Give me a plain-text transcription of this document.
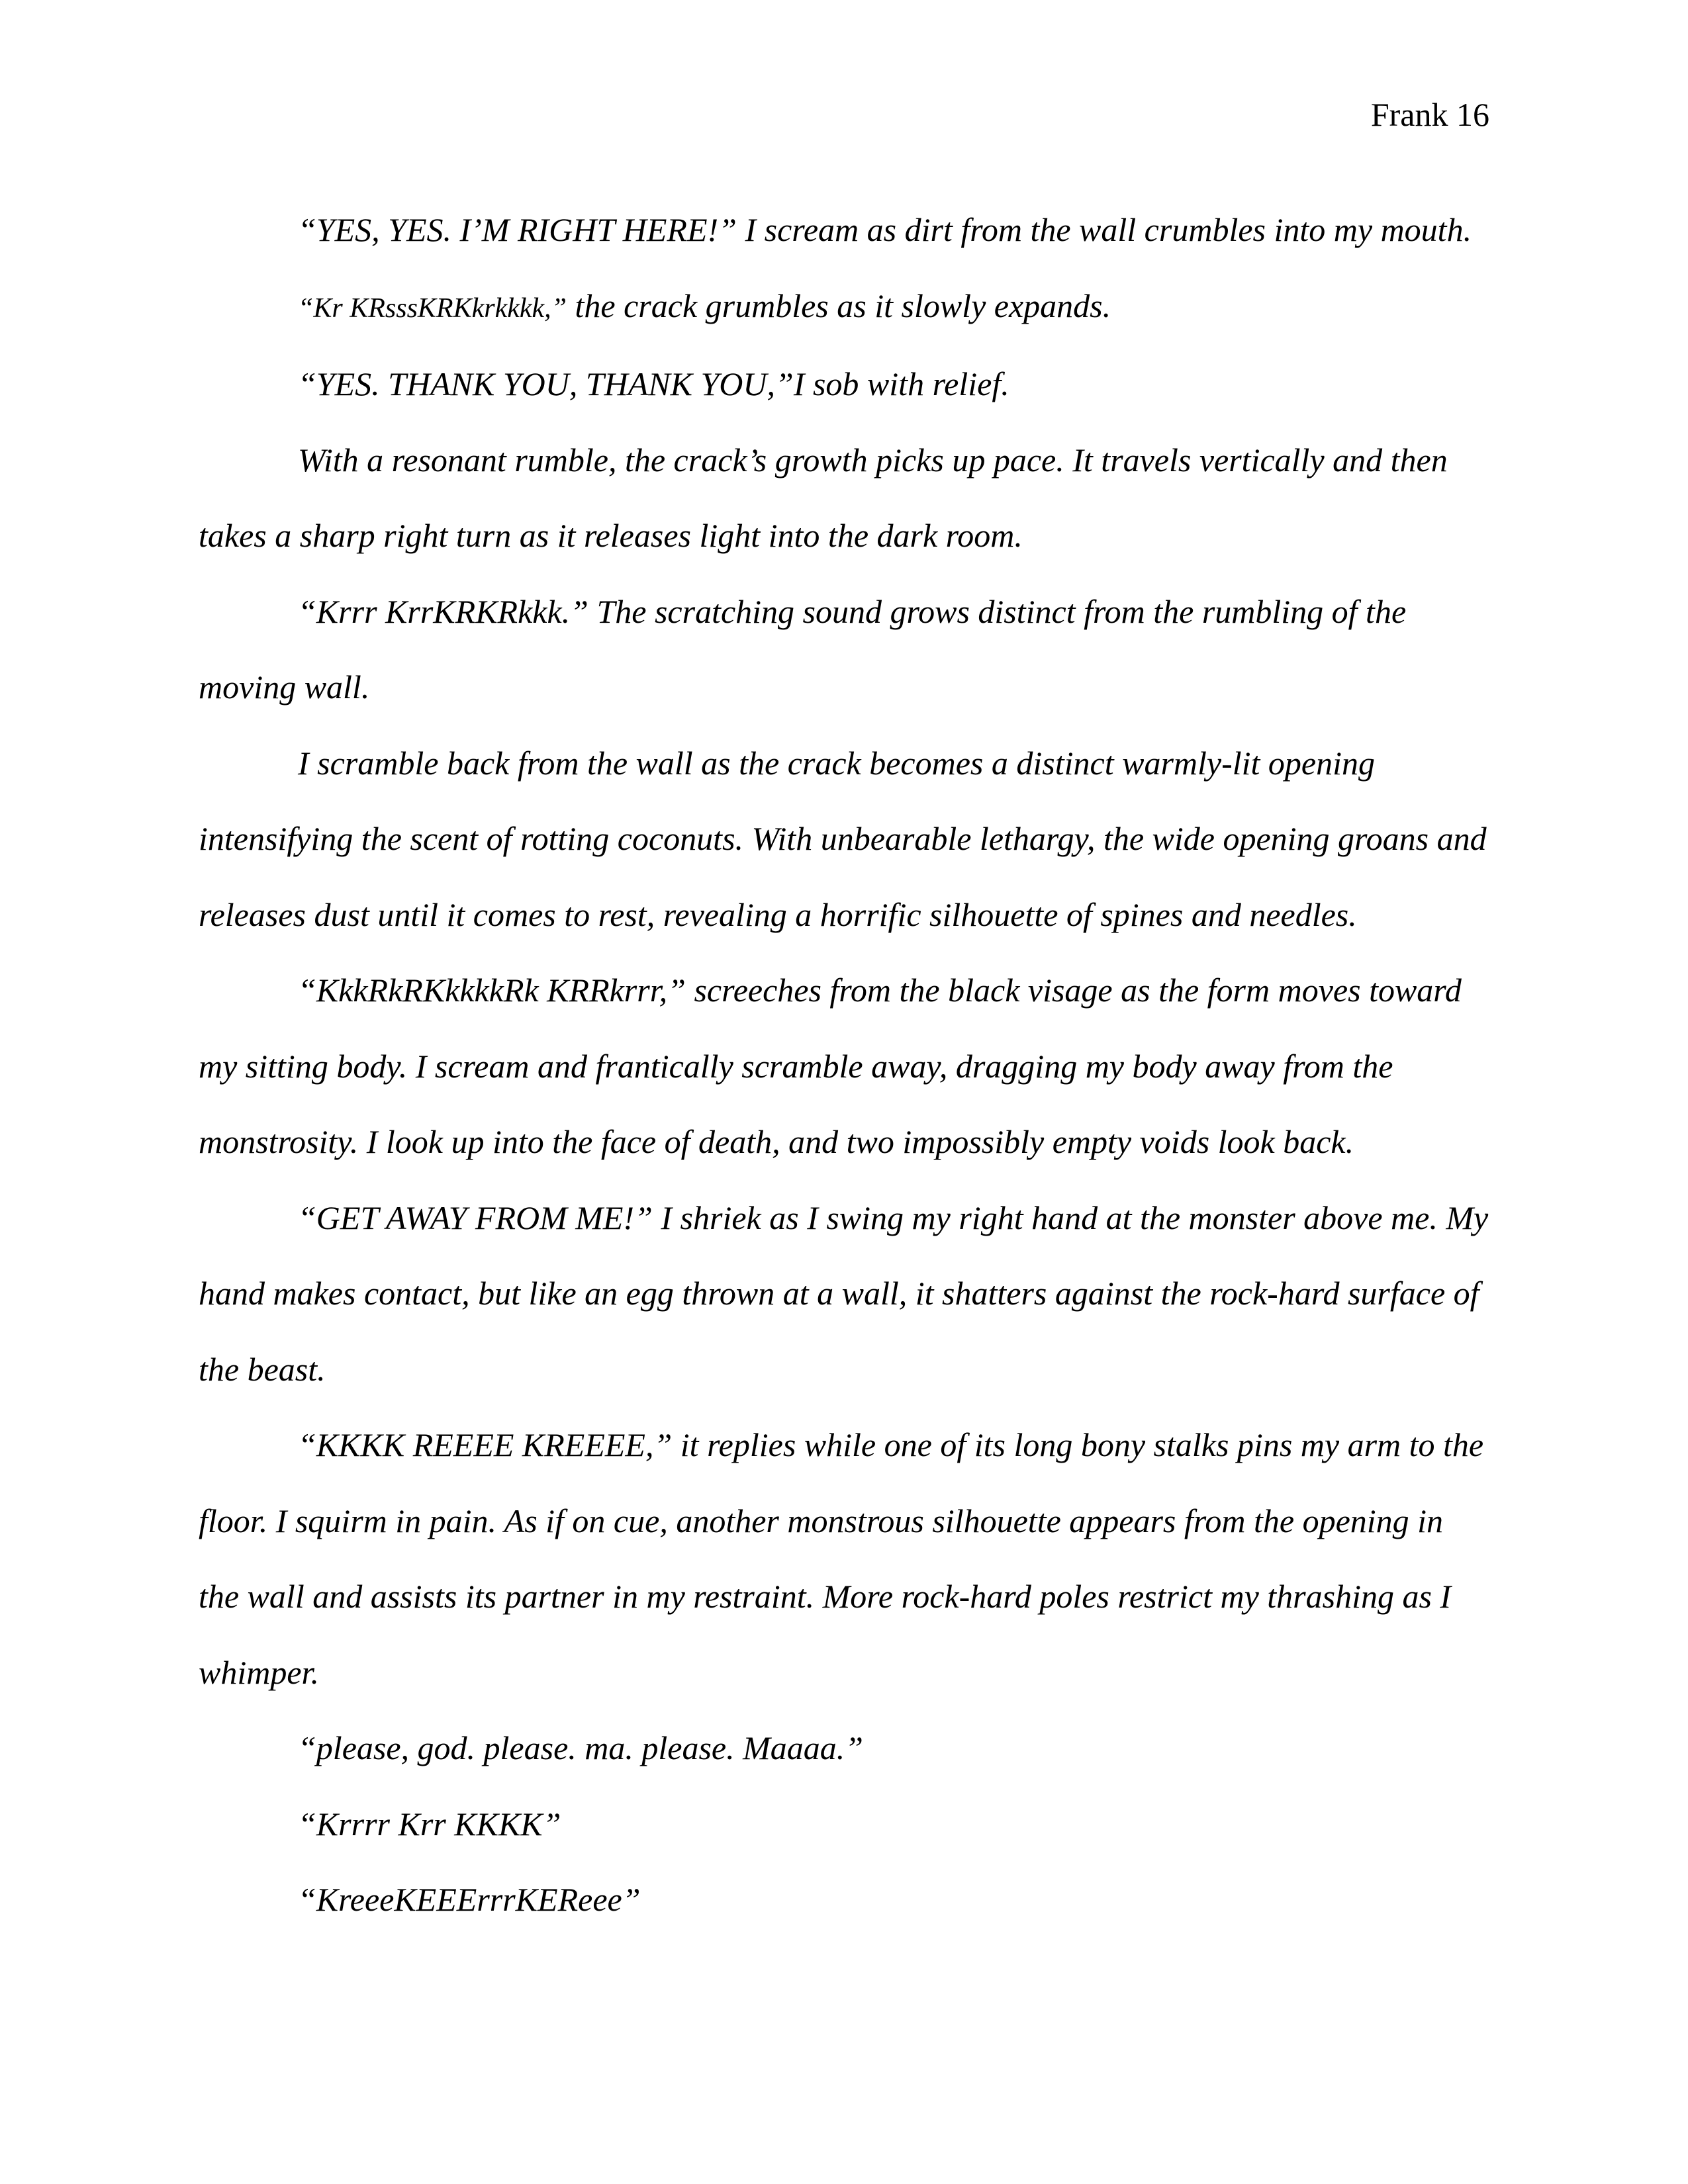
Frank 16

“YES, YES. I’M RIGHT HERE!” I scream as dirt from the wall crumbles into my mouth.

“Kr KRsssKRKkrkkkk,” the crack grumbles as it slowly expands.

“YES. THANK YOU, THANK YOU,”I sob with relief.

With a resonant rumble, the crack’s growth picks up pace. It travels vertically and then takes a sharp right turn as it releases light into the dark room.

“Krrr KrrKRKRkkk.” The scratching sound grows distinct from the rumbling of the moving wall.

I scramble back from the wall as the crack becomes a distinct warmly-lit opening intensifying the scent of rotting coconuts. With unbearable lethargy, the wide opening groans and releases dust until it comes to rest, revealing a horrific silhouette of spines and needles.

“KkkRkRKkkkkRk KRRkrrr,” screeches from the black visage as the form moves toward my sitting body. I scream and frantically scramble away, dragging my body away from the monstrosity. I look up into the face of death, and two impossibly empty voids look back.

“GET AWAY FROM ME!” I shriek as I swing my right hand at the monster above me. My hand makes contact, but like an egg thrown at a wall, it shatters against the rock-hard surface of the beast.

“KKKK REEEE KREEEE,” it replies while one of its long bony stalks pins my arm to the floor. I squirm in pain. As if on cue, another monstrous silhouette appears from the opening in the wall and assists its partner in my restraint. More rock-hard poles restrict my thrashing as I whimper.

“please, god. please. ma. please. Maaaa.”

“Krrrr Krr KKKK”

“KreeeKEEErrrKEReee”
